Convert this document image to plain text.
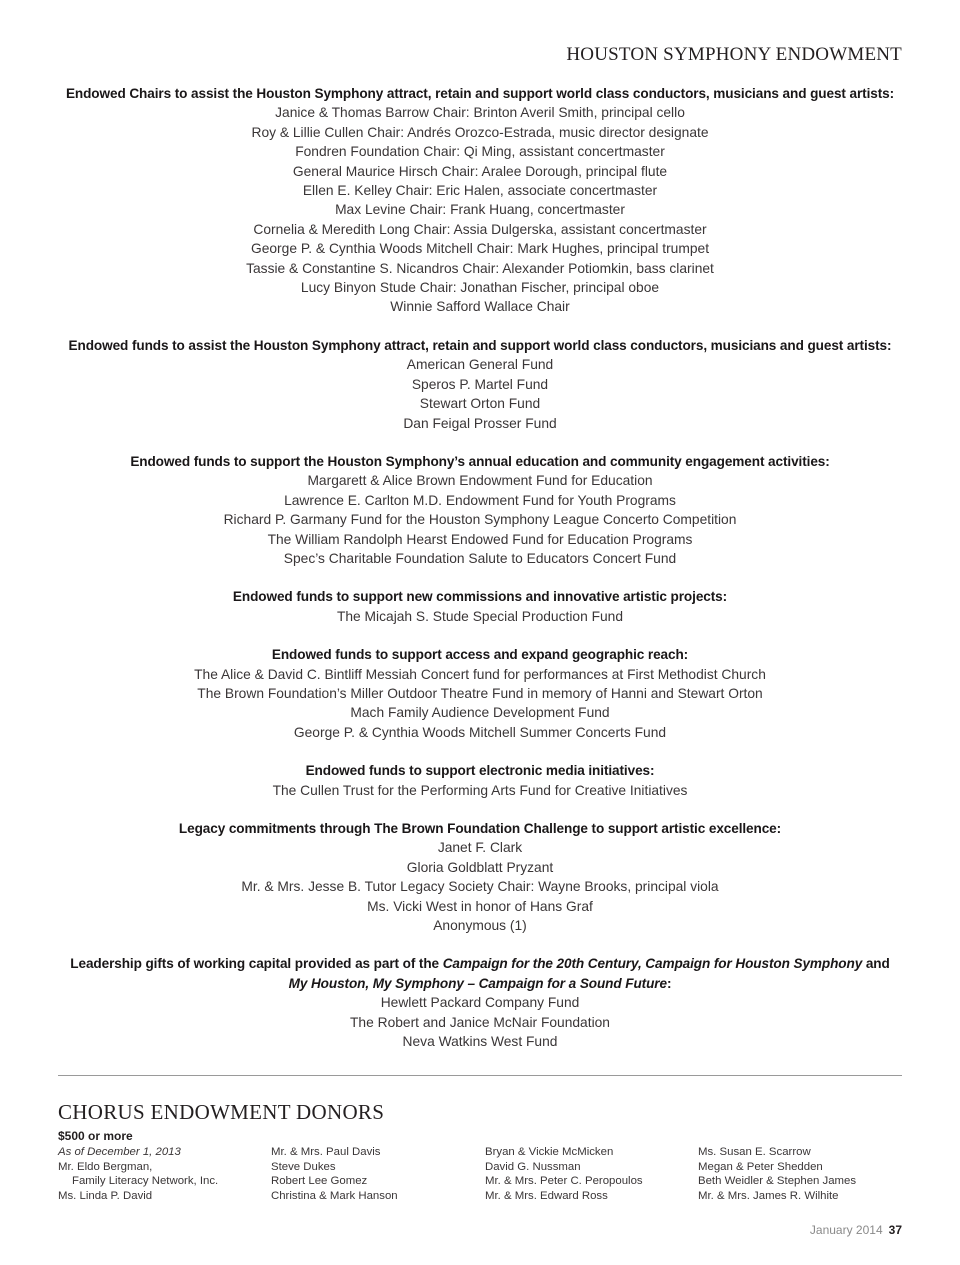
HOUSTON SYMPHONY ENDOWMENT
Endowed Chairs to assist the Houston Symphony attract, retain and support world class conductors, musicians and guest artists:
Janice & Thomas Barrow Chair: Brinton Averil Smith, principal cello
Roy & Lillie Cullen Chair: Andrés Orozco-Estrada, music director designate
Fondren Foundation Chair: Qi Ming, assistant concertmaster
General Maurice Hirsch Chair: Aralee Dorough, principal flute
Ellen E. Kelley Chair: Eric Halen, associate concertmaster
Max Levine Chair: Frank Huang, concertmaster
Cornelia & Meredith Long Chair: Assia Dulgerska, assistant concertmaster
George P. & Cynthia Woods Mitchell Chair: Mark Hughes, principal trumpet
Tassie & Constantine S. Nicandros Chair: Alexander Potiomkin, bass clarinet
Lucy Binyon Stude Chair: Jonathan Fischer, principal oboe
Winnie Safford Wallace Chair
Endowed funds to assist the Houston Symphony attract, retain and support world class conductors, musicians and guest artists:
American General Fund
Speros P. Martel Fund
Stewart Orton Fund
Dan Feigal Prosser Fund
Endowed funds to support the Houston Symphony’s annual education and community engagement activities:
Margarett & Alice Brown Endowment Fund for Education
Lawrence E. Carlton M.D. Endowment Fund for Youth Programs
Richard P. Garmany Fund for the Houston Symphony League Concerto Competition
The William Randolph Hearst Endowed Fund for Education Programs
Spec’s Charitable Foundation Salute to Educators Concert Fund
Endowed funds to support new commissions and innovative artistic projects:
The Micajah S. Stude Special Production Fund
Endowed funds to support access and expand geographic reach:
The Alice & David C. Bintliff Messiah Concert fund for performances at First Methodist Church
The Brown Foundation’s Miller Outdoor Theatre Fund in memory of Hanni and Stewart Orton
Mach Family Audience Development Fund
George P. & Cynthia Woods Mitchell Summer Concerts Fund
Endowed funds to support electronic media initiatives:
The Cullen Trust for the Performing Arts Fund for Creative Initiatives
Legacy commitments through The Brown Foundation Challenge to support artistic excellence:
Janet F. Clark
Gloria Goldblatt Pryzant
Mr. & Mrs. Jesse B. Tutor Legacy Society Chair: Wayne Brooks, principal viola
Ms. Vicki West in honor of Hans Graf
Anonymous (1)
Leadership gifts of working capital provided as part of the Campaign for the 20th Century, Campaign for Houston Symphony and
My Houston, My Symphony – Campaign for a Sound Future:
Hewlett Packard Company Fund
The Robert and Janice McNair Foundation
Neva Watkins West Fund
CHORUS ENDOWMENT DONORS
$500 or more
As of December 1, 2013
Mr. Eldo Bergman,
Family Literacy Network, Inc.
Ms. Linda P. David
Mr. & Mrs. Paul Davis
Steve Dukes
Robert Lee Gomez
Christina & Mark Hanson
Bryan & Vickie McMicken
David G. Nussman
Mr. & Mrs. Peter C. Peropoulos
Mr. & Mrs. Edward Ross
Ms. Susan E. Scarrow
Megan & Peter Shedden
Beth Weidler & Stephen James
Mr. & Mrs. James R. Wilhite
January 2014 37
